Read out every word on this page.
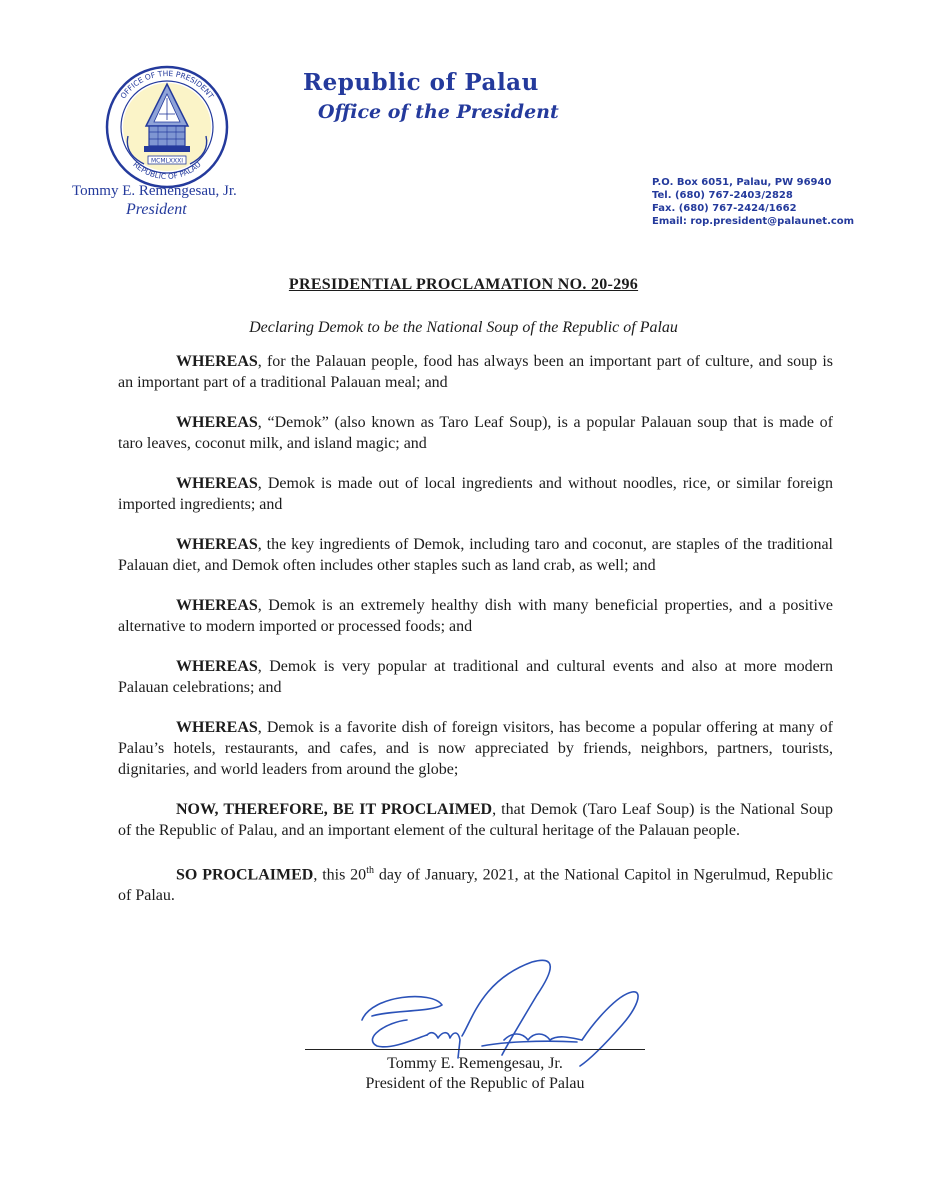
OFFICE OF THE PRESIDENT
REPUBLIC OF PALAU
MCMLXXXI
Republic of Palau
Office of the President
Tommy E. Remengesau, Jr.
President
P.O. Box 6051, Palau, PW 96940
Tel. (680) 767-2403/2828
Fax. (680) 767-2424/1662
Email: rop.president@palaunet.com
PRESIDENTIAL PROCLAMATION NO. 20-296
Declaring Demok to be the National Soup of the Republic of Palau

WHEREAS, for the Palauan people, food has always been an important part of culture, and soup is an important part of a traditional Palauan meal; and

WHEREAS, “Demok” (also known as Taro Leaf Soup), is a popular Palauan soup that is made of taro leaves, coconut milk, and island magic; and

WHEREAS, Demok is made out of local ingredients and without noodles, rice, or similar foreign imported ingredients; and

WHEREAS, the key ingredients of Demok, including taro and coconut, are staples of the traditional Palauan diet, and Demok often includes other staples such as land crab, as well; and

WHEREAS, Demok is an extremely healthy dish with many beneficial properties, and a positive alternative to modern imported or processed foods; and

WHEREAS, Demok is very popular at traditional and cultural events and also at more modern Palauan celebrations; and

WHEREAS, Demok is a favorite dish of foreign visitors, has become a popular offering at many of Palau’s hotels, restaurants, and cafes, and is now appreciated by friends, neighbors, partners, tourists, dignitaries, and world leaders from around the globe;

NOW, THEREFORE, BE IT PROCLAIMED, that Demok (Taro Leaf Soup) is the National Soup of the Republic of Palau, and an important element of the cultural heritage of the Palauan people.

SO PROCLAIMED, this 20th day of January, 2021, at the National Capitol in Ngerulmud, Republic of Palau.

Tommy E. Remengesau, Jr.
President of the Republic of Palau
